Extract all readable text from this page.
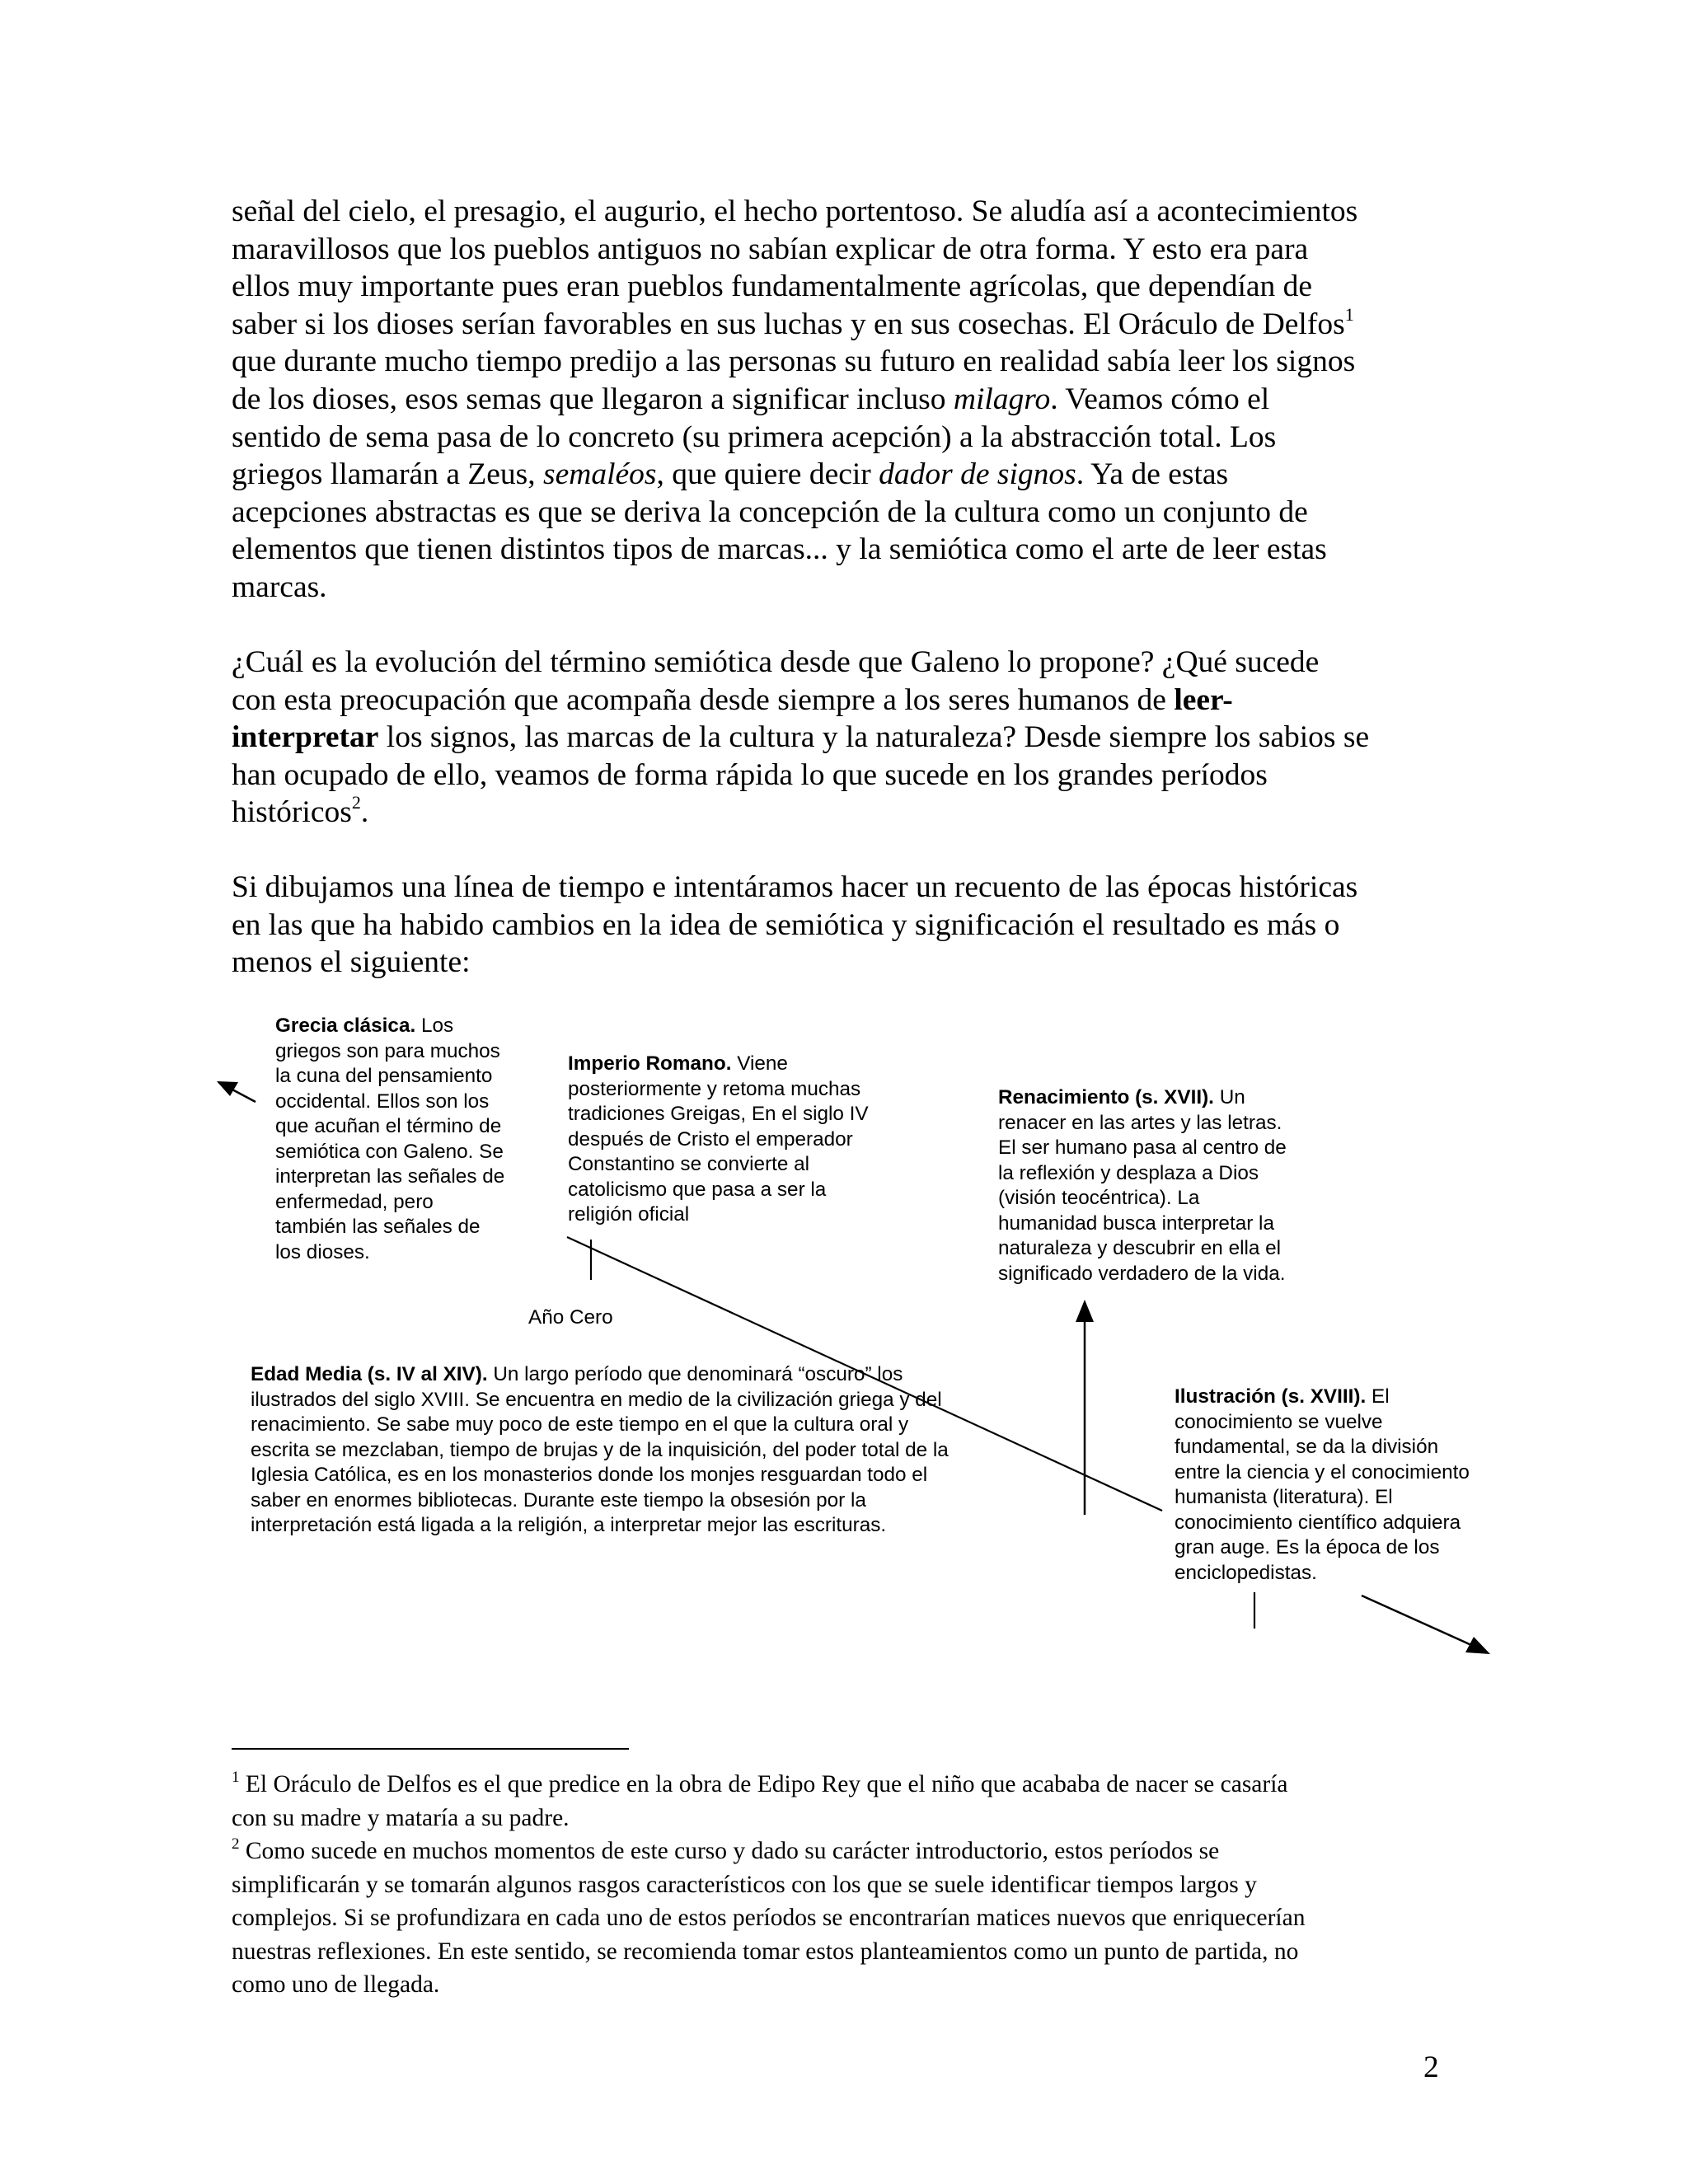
señal del cielo, el presagio, el augurio, el hecho portentoso. Se aludía así a acontecimientos
maravillosos que los pueblos antiguos no sabían explicar de otra forma. Y esto era para
ellos muy importante pues eran pueblos fundamentalmente agrícolas, que dependían de
saber si los dioses serían favorables en sus luchas y en sus cosechas. El Oráculo de Delfos$^1$
que durante mucho tiempo predijo a las personas su futuro en realidad sabía leer los signos
de los dioses, esos semas que llegaron a significar incluso milagro. Veamos cómo el
sentido de sema pasa de lo concreto (su primera acepción) a la abstracción total. Los
griegos llamarán a Zeus, semaléos, que quiere decir dador de signos. Ya de estas
acepciones abstractas es que se deriva la concepción de la cultura como un conjunto de
elementos que tienen distintos tipos de marcas... y la semiótica como el arte de leer estas
marcas.
¿Cuál es la evolución del término semiótica desde que Galeno lo propone? ¿Qué sucede
con esta preocupación que acompaña desde siempre a los seres humanos de leer-
interpretar los signos, las marcas de la cultura y la naturaleza? Desde siempre los sabios se
han ocupado de ello, veamos de forma rápida lo que sucede en los grandes períodos
históricos$^2$.
Si dibujamos una línea de tiempo e intentáramos hacer un recuento de las épocas históricas
en las que ha habido cambios en la idea de semiótica y significación el resultado es más o
menos el siguiente:
Grecia clásica. Los
griegos son para muchos
la cuna del pensamiento
occidental. Ellos son los
que acuñan el término de
semiótica con Galeno. Se
interpretan las señales de
enfermedad, pero
también las señales de
los dioses.
Imperio Romano. Viene
posteriormente y retoma muchas
tradiciones Greigas, En el siglo IV
después de Cristo el emperador
Constantino se convierte al
catolicismo que pasa a ser la
religión oficial
Año Cero
Renacimiento (s. XVII). Un
renacer en las artes y las letras.
El ser humano pasa al centro de
la reflexión y desplaza a Dios
(visión teocéntrica). La
humanidad busca interpretar la
naturaleza y descubrir en ella el
significado verdadero de la vida.
Edad Media (s. IV al XIV). Un largo período que denominará “oscuro” los
ilustrados del siglo XVIII. Se encuentra en medio de la civilización griega y del
renacimiento. Se sabe muy poco de este tiempo en el que la cultura oral y
escrita se mezclaban, tiempo de brujas y de la inquisición, del poder total de la
Iglesia Católica, es en los monasterios donde los monjes resguardan todo el
saber en enormes bibliotecas. Durante este tiempo la obsesión por la
interpretación está ligada a la religión, a interpretar mejor las escrituras.
Ilustración (s. XVIII). El
conocimiento se vuelve
fundamental, se da la división
entre la ciencia y el conocimiento
humanista (literatura). El
conocimiento científico adquiera
gran auge. Es la época de los
enciclopedistas.
$^1$ El Oráculo de Delfos es el que predice en la obra de Edipo Rey que el niño que acababa de nacer se casaría
con su madre y mataría a su padre.
$^2$ Como sucede en muchos momentos de este curso y dado su carácter introductorio, estos períodos se
simplificarán y se tomarán algunos rasgos característicos con los que se suele identificar tiempos largos y
complejos. Si se profundizara en cada uno de estos períodos se encontrarían matices nuevos que enriquecerían
nuestras reflexiones. En este sentido, se recomienda tomar estos planteamientos como un punto de partida, no
como uno de llegada.
2
